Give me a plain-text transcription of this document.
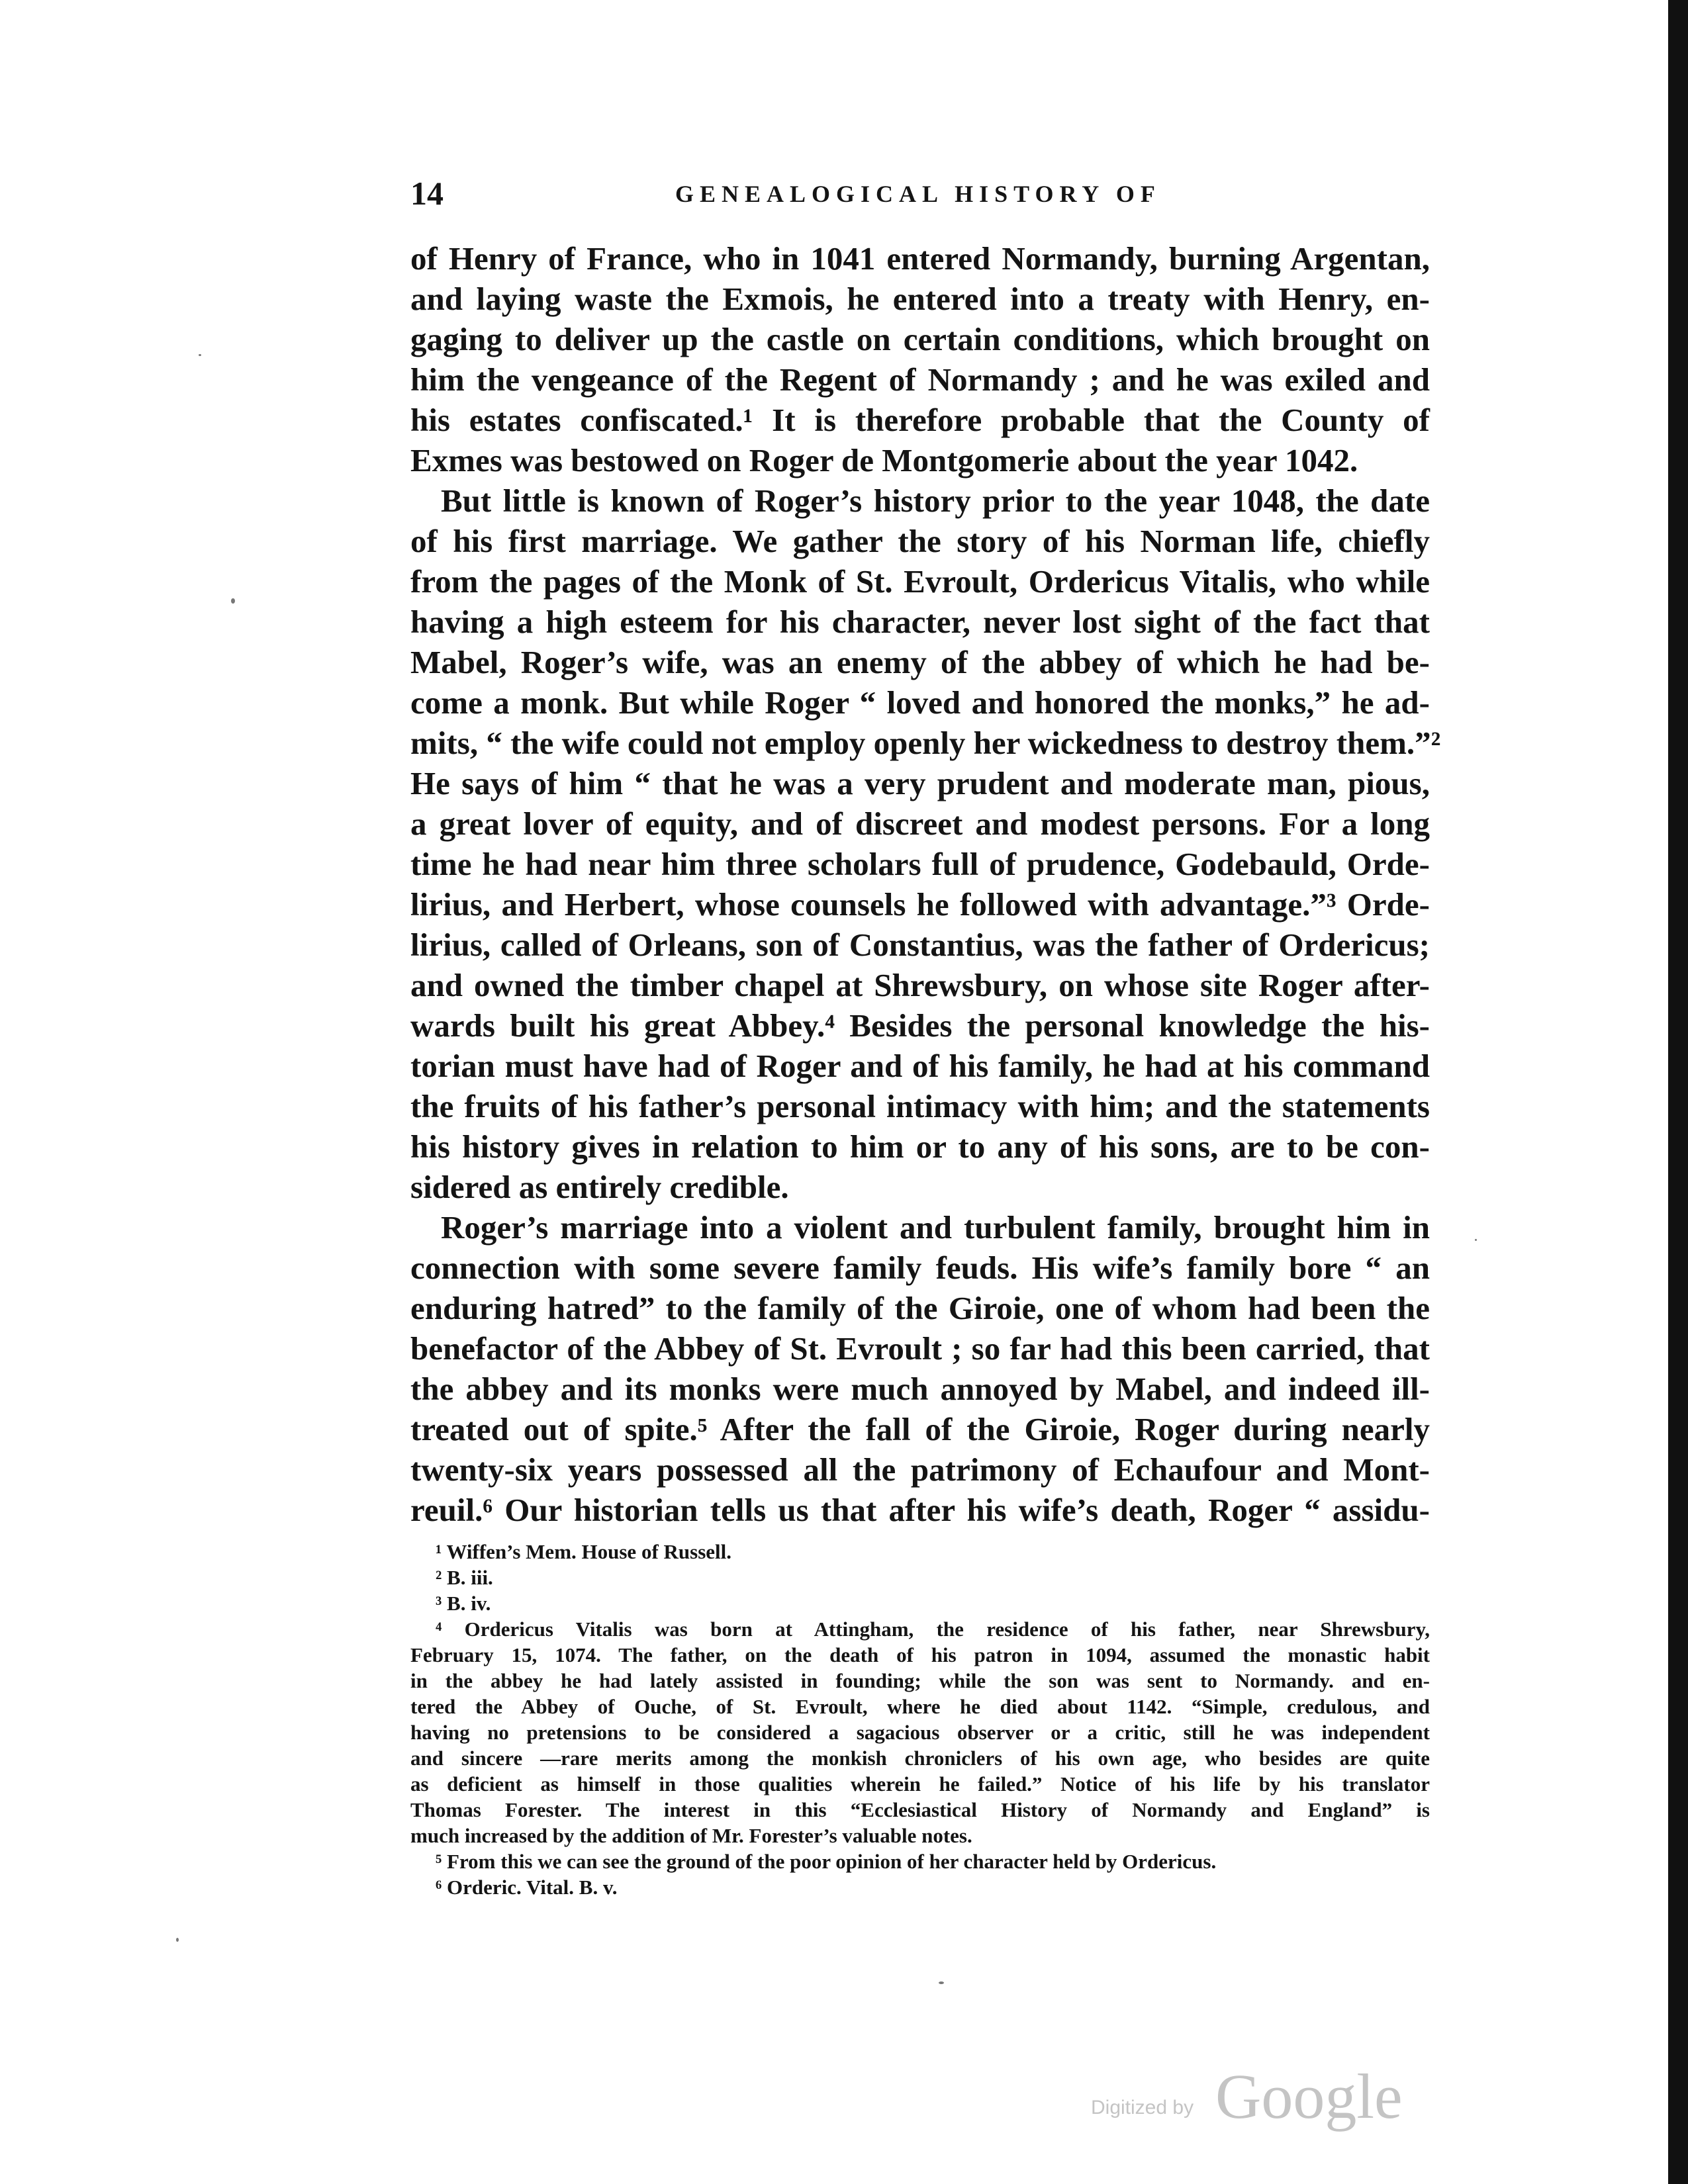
14	GENEALOGICAL HISTORY OF
of Henry of France, who in 1041 entered Normandy, burning Argentan,
and laying waste the Exmois, he entered into a treaty with Henry, en-
gaging to deliver up the castle on certain conditions, which brought on
him the vengeance of the Regent of Normandy ; and he was exiled and
his estates confiscated.¹ It is therefore probable that the County of
Exmes was bestowed on Roger de Montgomerie about the year 1042.
But little is known of Roger’s history prior to the year 1048, the date
of his first marriage. We gather the story of his Norman life, chiefly
from the pages of the Monk of St. Evroult, Ordericus Vitalis, who while
having a high esteem for his character, never lost sight of the fact that
Mabel, Roger’s wife, was an enemy of the abbey of which he had be-
come a monk. But while Roger “ loved and honored the monks,” he ad-
mits, “ the wife could not employ openly her wickedness to destroy them.”²
He says of him “ that he was a very prudent and moderate man, pious,
a great lover of equity, and of discreet and modest persons. For a long
time he had near him three scholars full of prudence, Godebauld, Orde-
lirius, and Herbert, whose counsels he followed with advantage.”³ Orde-
lirius, called of Orleans, son of Constantius, was the father of Ordericus;
and owned the timber chapel at Shrewsbury, on whose site Roger after-
wards built his great Abbey.⁴ Besides the personal knowledge the his-
torian must have had of Roger and of his family, he had at his command
the fruits of his father’s personal intimacy with him; and the statements
his history gives in relation to him or to any of his sons, are to be con-
sidered as entirely credible.
Roger’s marriage into a violent and turbulent family, brought him in
connection with some severe family feuds. His wife’s family bore “ an
enduring hatred” to the family of the Giroie, one of whom had been the
benefactor of the Abbey of St. Evroult ; so far had this been carried, that
the abbey and its monks were much annoyed by Mabel, and indeed ill-
treated out of spite.⁵ After the fall of the Giroie, Roger during nearly
twenty-six years possessed all the patrimony of Echaufour and Mont-
reuil.⁶ Our historian tells us that after his wife’s death, Roger “ assidu-
¹ Wiffen’s Mem. House of Russell.
² B. iii.
³ B. iv.
⁴ Ordericus Vitalis was born at Attingham, the residence of his father, near Shrewsbury,
February 15, 1074. The father, on the death of his patron in 1094, assumed the monastic habit
in the abbey he had lately assisted in founding; while the son was sent to Normandy. and en-
tered the Abbey of Ouche, of St. Evroult, where he died about 1142. “Simple, credulous, and
having no pretensions to be considered a sagacious observer or a critic, still he was independent
and sincere —rare merits among the monkish chroniclers of his own age, who besides are quite
as deficient as himself in those qualities wherein he failed.” Notice of his life by his translator
Thomas Forester. The interest in this “Ecclesiastical History of Normandy and England” is
much increased by the addition of Mr. Forester’s valuable notes.
⁵ From this we can see the ground of the poor opinion of her character held by Ordericus.
⁶ Orderic. Vital. B. v.
Digitized by Google
